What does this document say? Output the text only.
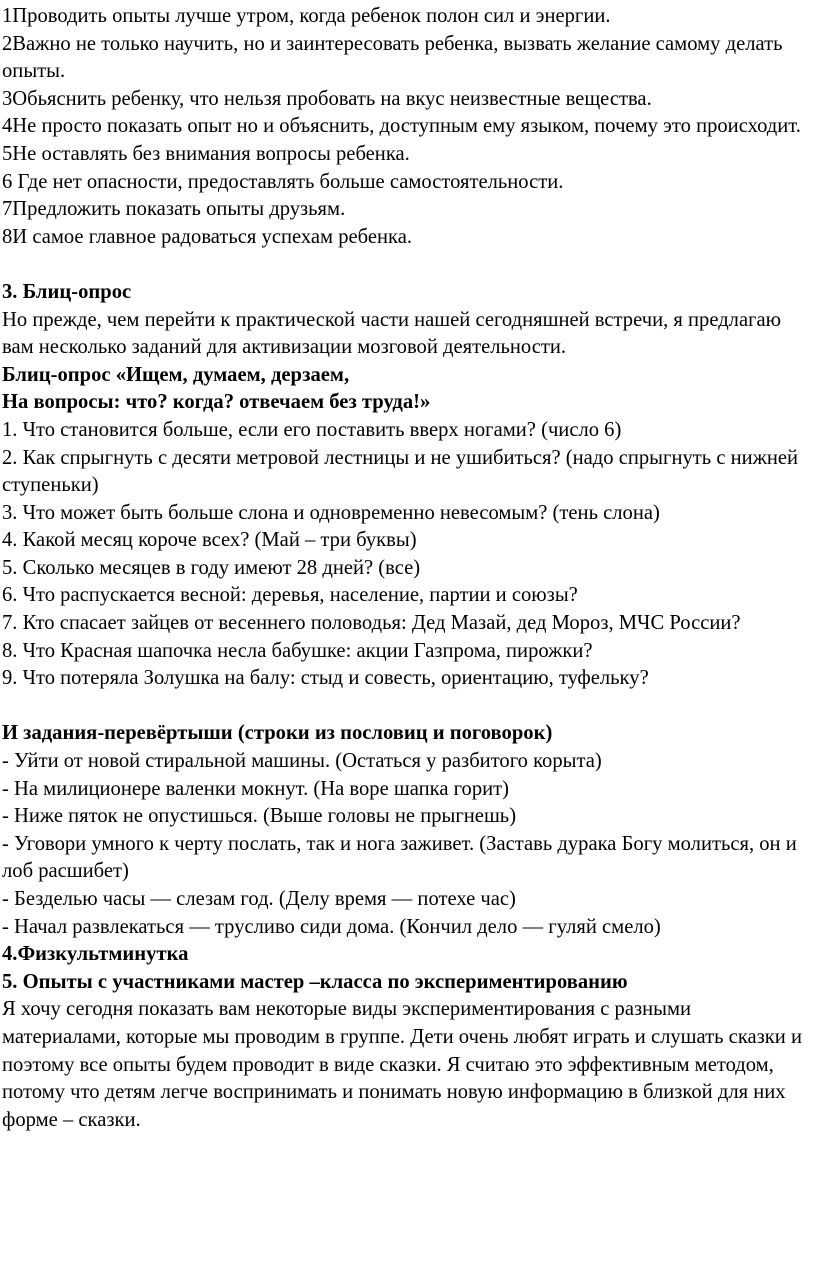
1Проводить опыты лучше утром, когда ребенок полон сил и энергии.

2Важно не только научить, но и заинтересовать ребенка, вызвать желание самому делать опыты.

3Обьяснить ребенку, что нельзя пробовать на вкус неизвестные вещества.

4Не просто показать опыт но и объяснить, доступным ему языком, почему это происходит.

5Не оставлять без внимания вопросы ребенка.

6 Где нет опасности, предоставлять больше самостоятельности.

7Предложить показать опыты друзьям.

8И самое главное радоваться успехам ребенка.

3. Блиц-опрос

Но прежде, чем перейти к практической части нашей сегодняшней встречи, я предлагаю вам несколько заданий для активизации мозговой деятельности.

Блиц-опрос «Ищем, думаем, дерзаем,

На вопросы: что? когда? отвечаем без труда!»

1. Что становится больше, если его поставить вверх ногами? (число 6)

2. Как спрыгнуть с десяти метровой лестницы и не ушибиться? (надо спрыгнуть с нижней ступеньки)

3. Что может быть больше слона и одновременно невесомым? (тень слона)

4. Какой месяц короче всех? (Май – три буквы)

5. Сколько месяцев в году имеют 28 дней? (все)

6. Что распускается весной: деревья, население, партии и союзы?

7. Кто спасает зайцев от весеннего половодья: Дед Мазай, дед Мороз, МЧС России?

8. Что Красная шапочка несла бабушке: акции Газпрома, пирожки?

9. Что потеряла Золушка на балу: стыд и совесть, ориентацию, туфельку?

И задания-перевёртыши (строки из пословиц и поговорок)

- Уйти от новой стиральной машины. (Остаться у разбитого корыта)

- На милиционере валенки мокнут. (На воре шапка горит)

- Ниже пяток не опустишься. (Выше головы не прыгнешь)

- Уговори умного к черту послать, так и нога заживет. (Заставь дурака Богу молиться, он и лоб расшибет)

- Безделью часы — слезам год. (Делу время — потехе час)

- Начал развлекаться — трусливо сиди дома. (Кончил дело — гуляй смело)

4.Физкультминутка

5. Опыты с участниками мастер –класса по экспериментированию

Я хочу сегодня показать вам некоторые виды экспериментирования с разными материалами, которые мы проводим в группе. Дети очень любят играть и слушать сказки и поэтому все опыты будем проводит в виде сказки. Я считаю это эффективным методом, потому что детям легче воспринимать и понимать новую информацию в близкой для них форме – сказки.
